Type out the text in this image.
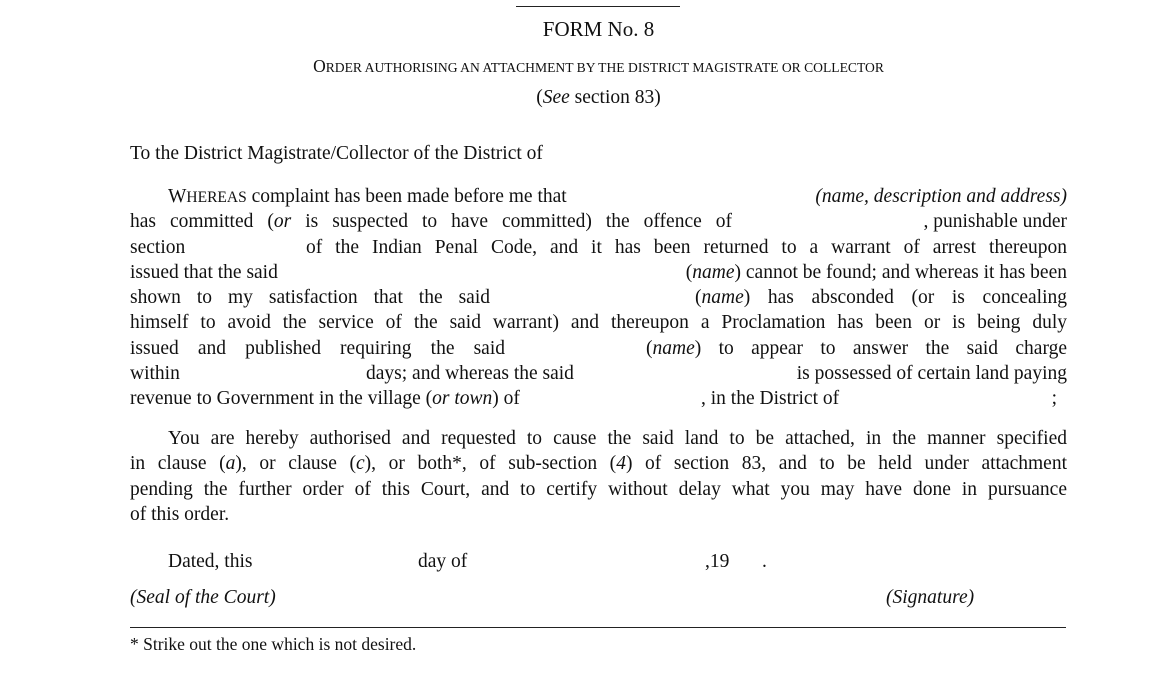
FORM No. 8
ORDER AUTHORISING AN ATTACHMENT BY THE DISTRICT MAGISTRATE OR COLLECTOR
(See section 83)
To the District Magistrate/Collector of the District of
WHEREAS complaint has been made before me that	(name, description and address)
has committed (or is suspected to have committed) the offence of	, punishable under
section	of the Indian Penal Code, and it has been returned to a warrant of arrest thereupon
issued that the said	(name) cannot be found; and whereas it has been
shown to my satisfaction that the said	(name) has absconded (or is concealing
himself to avoid the service of the said warrant) and thereupon a Proclamation has been or is being duly
issued and published requiring the said	(name) to appear to answer the said charge
within	days; and whereas the said	is possessed of certain land paying
revenue to Government in the village (or town) of	, in the District of	;
You are hereby authorised and requested to cause the said land to be attached, in the manner specified
in clause (a), or clause (c), or both*, of sub-section (4) of section 83, and to be held under attachment
pending the further order of this Court, and to certify without delay what you may have done in pursuance
of this order.
Dated, this	day of	,19 .
(Seal of the Court)	(Signature)
* Strike out the one which is not desired.
